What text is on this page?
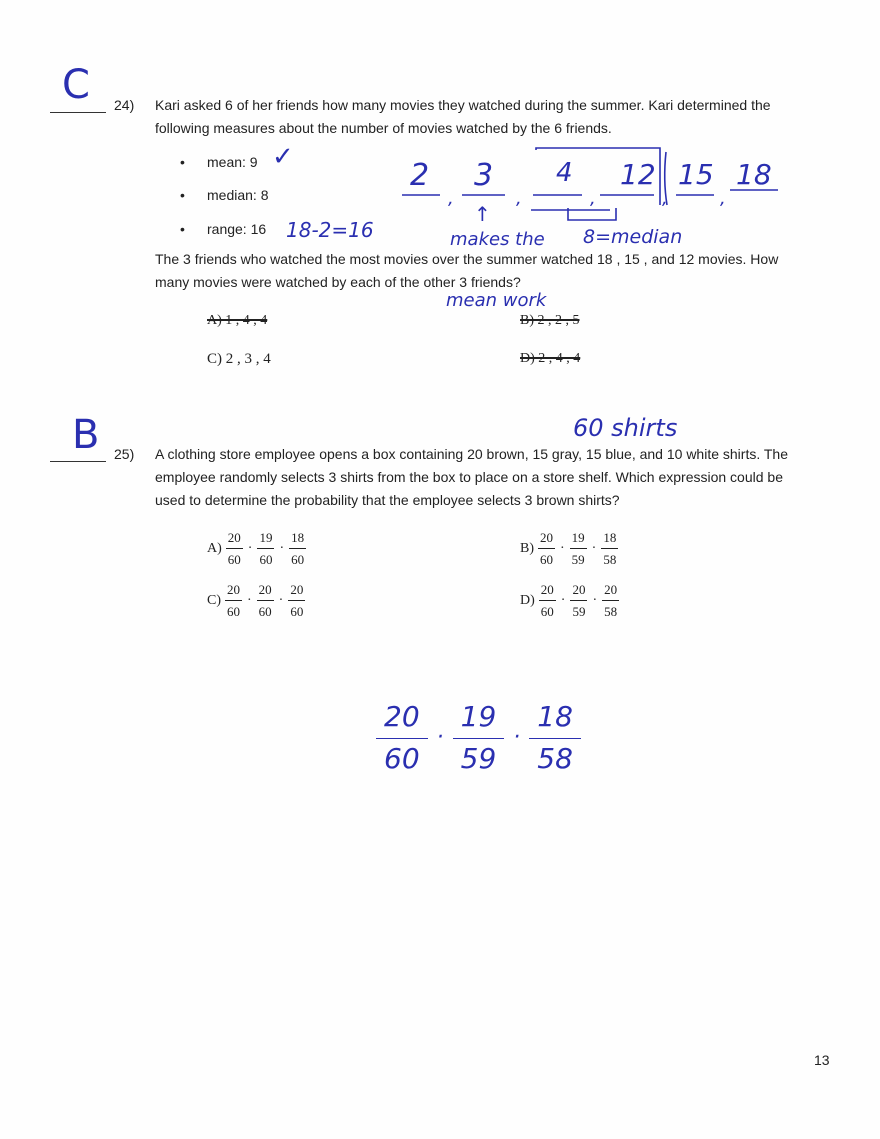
C 24) Kari asked 6 of her friends how many movies they watched during the summer. Kari determined the
following measures about the number of movies watched by the 6 friends.
• mean: 9
• median: 8
• range: 16
✓
18-2=16
2
,
3
,
4
,
12
,
15
,
18
↑
makes the 8=median
The 3 friends who watched the most movies over the summer watched 18 , 15 , and 12 movies. How
many movies were watched by each of the other 3 friends?
mean work
A) 1 , 4 , 4	B) 2 , 2 , 5
C) 2 , 3 , 4	D) 2 , 4 , 4
B	60 shirts
25) A clothing store employee opens a box containing 20 brown, 15 gray, 15 blue, and 10 white shirts. The
employee randomly selects 3 shirts from the box to place on a store shelf. Which expression could be
used to determine the probability that the employee selects 3 brown shirts?
$A) \frac{20}{60} \cdot \frac{19}{60} \cdot \frac{18}{60}$	$B) \frac{20}{60} \cdot \frac{19}{59} \cdot \frac{18}{58}$
$C) \frac{20}{60} \cdot \frac{20}{60} \cdot \frac{20}{60}$	$D) \frac{20}{60} \cdot \frac{20}{59} \cdot \frac{20}{58}$
$\frac{20}{60} \cdot \frac{19}{59} \cdot \frac{18}{58}$
13
